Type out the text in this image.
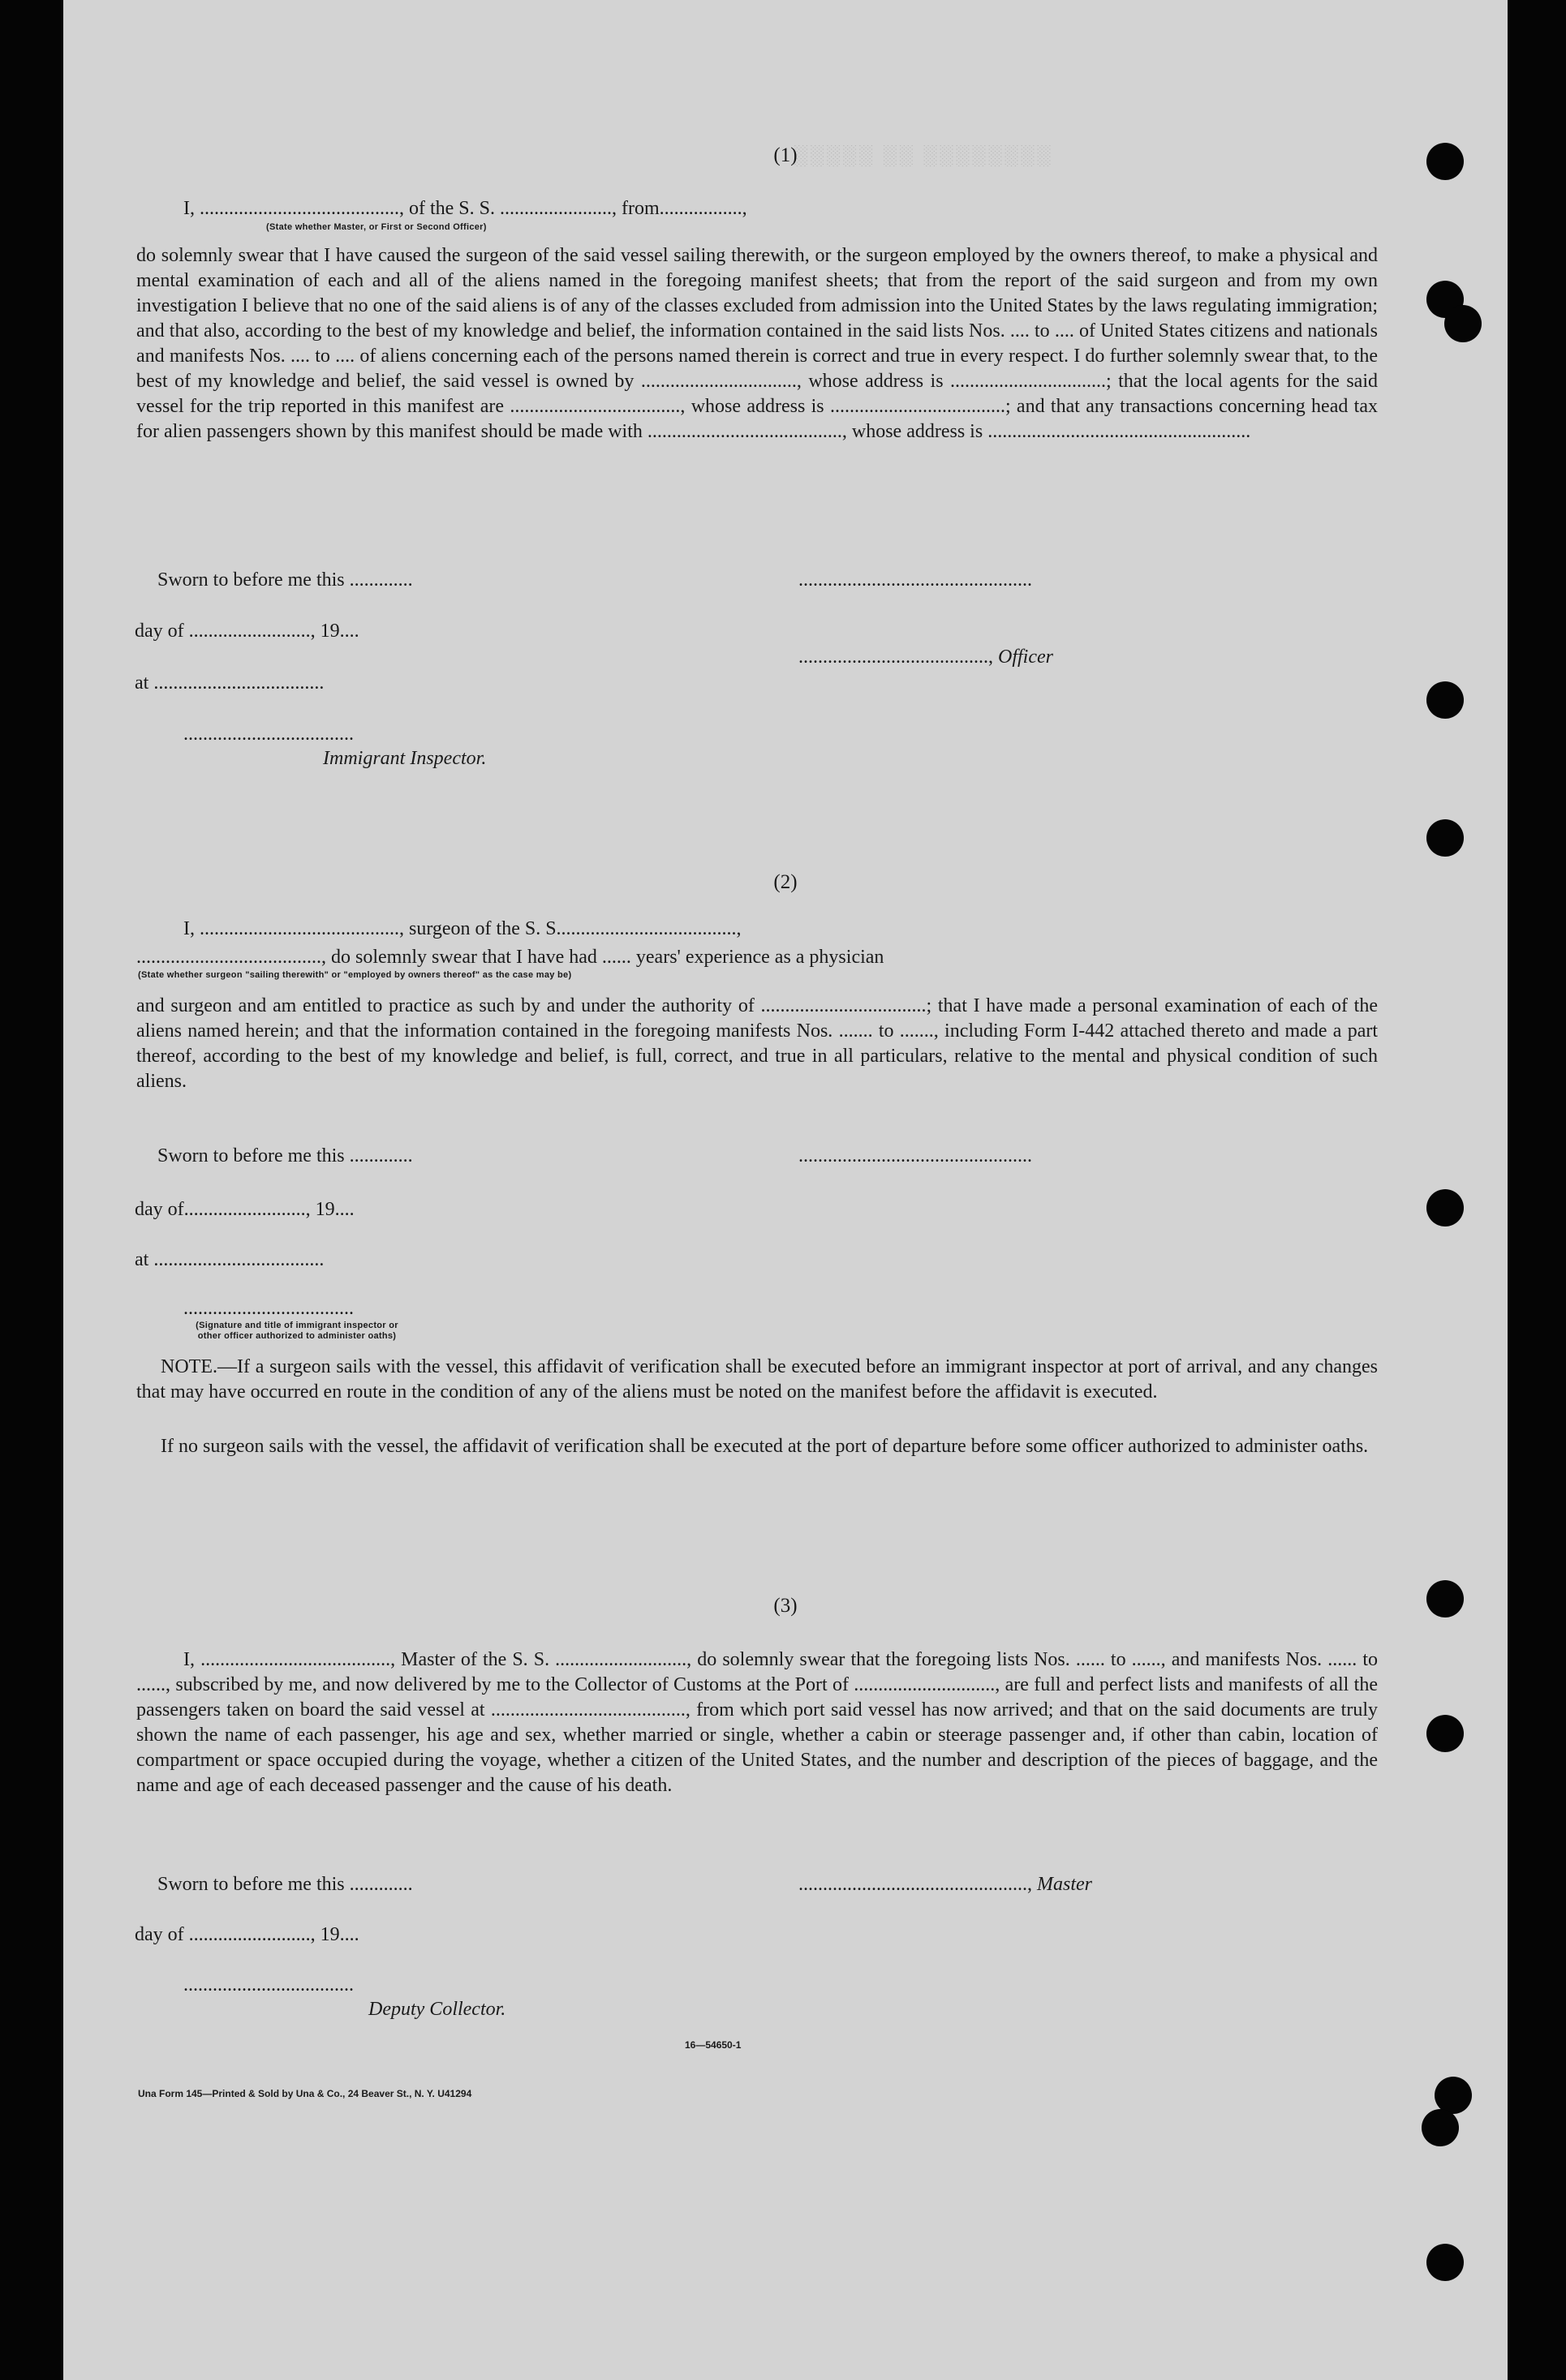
░░░░░ ░░ ░░░░░░░░
(1)
I, ........................................., of the S. S. ......................., from.................,
(State whether Master, or First or Second Officer)
do solemnly swear that I have caused the surgeon of the said vessel sailing therewith, or the surgeon employed by the owners thereof, to make a physical and mental examination of each and all of the aliens named in the foregoing manifest sheets; that from the report of the said surgeon and from my own investigation I believe that no one of the said aliens is of any of the classes excluded from admission into the United States by the laws regulating immigration; and that also, according to the best of my knowledge and belief, the information contained in the said lists Nos. .... to .... of United States citizens and nationals and manifests Nos. .... to .... of aliens concerning each of the persons named therein is correct and true in every respect. I do further solemnly swear that, to the best of my knowledge and belief, the said vessel is owned by ................................, whose address is ................................; that the local agents for the said vessel for the trip reported in this manifest are ..................................., whose address is ....................................; and that any transactions concerning head tax for alien passengers shown by this manifest should be made with ........................................, whose address is ......................................................
Sworn to before me this .............	................................................
day of ........................., 19....
......................................., Officer
at ...................................
...................................
Immigrant Inspector.
(2)
I, ........................................., surgeon of the S. S.....................................,
......................................, do solemnly swear that I have had ...... years' experience as a physician
(State whether surgeon "sailing therewith" or "employed by owners thereof" as the case may be)
and surgeon and am entitled to practice as such by and under the authority of ..................................; that I have made a personal examination of each of the aliens named herein; and that the information contained in the foregoing manifests Nos. ....... to ......., including Form I-442 attached thereto and made a part thereof, according to the best of my knowledge and belief, is full, correct, and true in all particulars, relative to the mental and physical condition of such aliens.
Sworn to before me this .............	................................................
day of........................., 19....
at ...................................
...................................
(Signature and title of immigrant inspector or other officer authorized to administer oaths)
NOTE.—If a surgeon sails with the vessel, this affidavit of verification shall be executed before an immigrant inspector at port of arrival, and any changes that may have occurred en route in the condition of any of the aliens must be noted on the manifest before the affidavit is executed.
If no surgeon sails with the vessel, the affidavit of verification shall be executed at the port of departure before some officer authorized to administer oaths.
(3)
I, ......................................., Master of the S. S. ..........................., do solemnly swear that the foregoing lists Nos. ...... to ......, and manifests Nos. ...... to ......, subscribed by me, and now delivered by me to the Collector of Customs at the Port of ............................., are full and perfect lists and manifests of all the passengers taken on board the said vessel at ........................................, from which port said vessel has now arrived; and that on the said documents are truly shown the name of each passenger, his age and sex, whether married or single, whether a cabin or steerage passenger and, if other than cabin, location of compartment or space occupied during the voyage, whether a citizen of the United States, and the number and description of the pieces of baggage, and the name and age of each deceased passenger and the cause of his death.
Sworn to before me this .............	..............................................., Master
day of ........................., 19....
...................................
Deputy Collector.
16—54650-1
Una Form 145—Printed & Sold by Una & Co., 24 Beaver St., N. Y. U41294
